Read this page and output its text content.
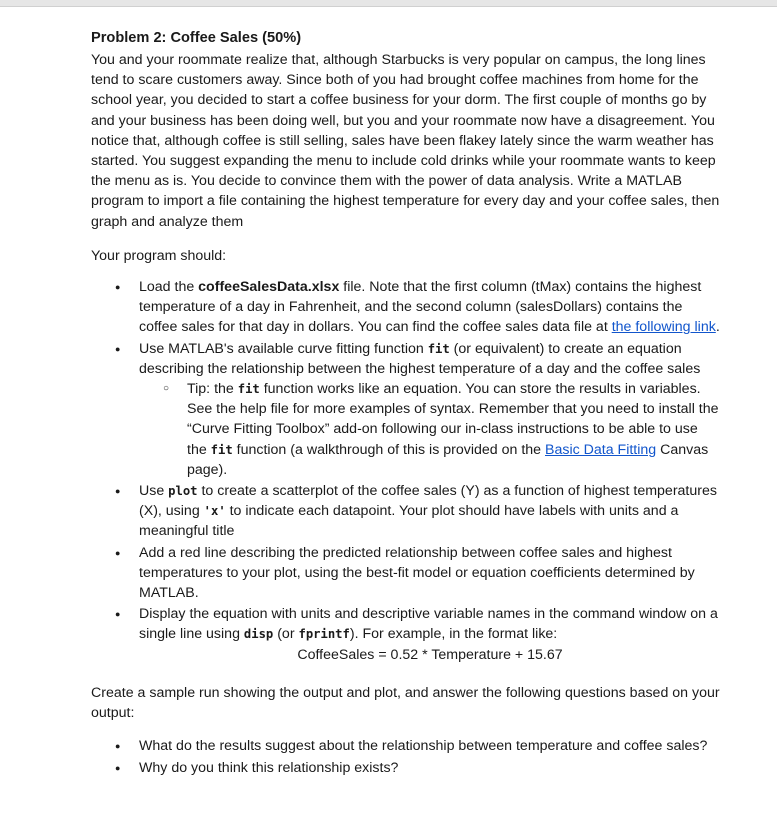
Problem 2: Coffee Sales (50%)

You and your roommate realize that, although Starbucks is very popular on campus, the long lines tend to scare customers away. Since both of you had brought coffee machines from home for the school year, you decided to start a coffee business for your dorm. The first couple of months go by and your business has been doing well, but you and your roommate now have a disagreement. You notice that, although coffee is still selling, sales have been flakey lately since the warm weather has started. You suggest expanding the menu to include cold drinks while your roommate wants to keep the menu as is. You decide to convince them with the power of data analysis. Write a MATLAB program to import a file containing the highest temperature for every day and your coffee sales, then graph and analyze them

Your program should:

● Load the coffeeSalesData.xlsx file. Note that the first column (tMax) contains the highest temperature of a day in Fahrenheit, and the second column (salesDollars) contains the coffee sales for that day in dollars. You can find the coffee sales data file at the following link.
● Use MATLAB's available curve fitting function fit (or equivalent) to create an equation describing the relationship between the highest temperature of a day and the coffee sales
○ Tip: the fit function works like an equation. You can store the results in variables. See the help file for more examples of syntax. Remember that you need to install the “Curve Fitting Toolbox” add-on following our in-class instructions to be able to use the fit function (a walkthrough of this is provided on the Basic Data Fitting Canvas page).
● Use plot to create a scatterplot of the coffee sales (Y) as a function of highest temperatures (X), using 'x' to indicate each datapoint. Your plot should have labels with units and a meaningful title
● Add a red line describing the predicted relationship between coffee sales and highest temperatures to your plot, using the best-fit model or equation coefficients determined by MATLAB.
● Display the equation with units and descriptive variable names in the command window on a single line using disp (or fprintf). For example, in the format like:

CoffeeSales = 0.52 * Temperature + 15.67

Create a sample run showing the output and plot, and answer the following questions based on your output:

● What do the results suggest about the relationship between temperature and coffee sales?
● Why do you think this relationship exists?
